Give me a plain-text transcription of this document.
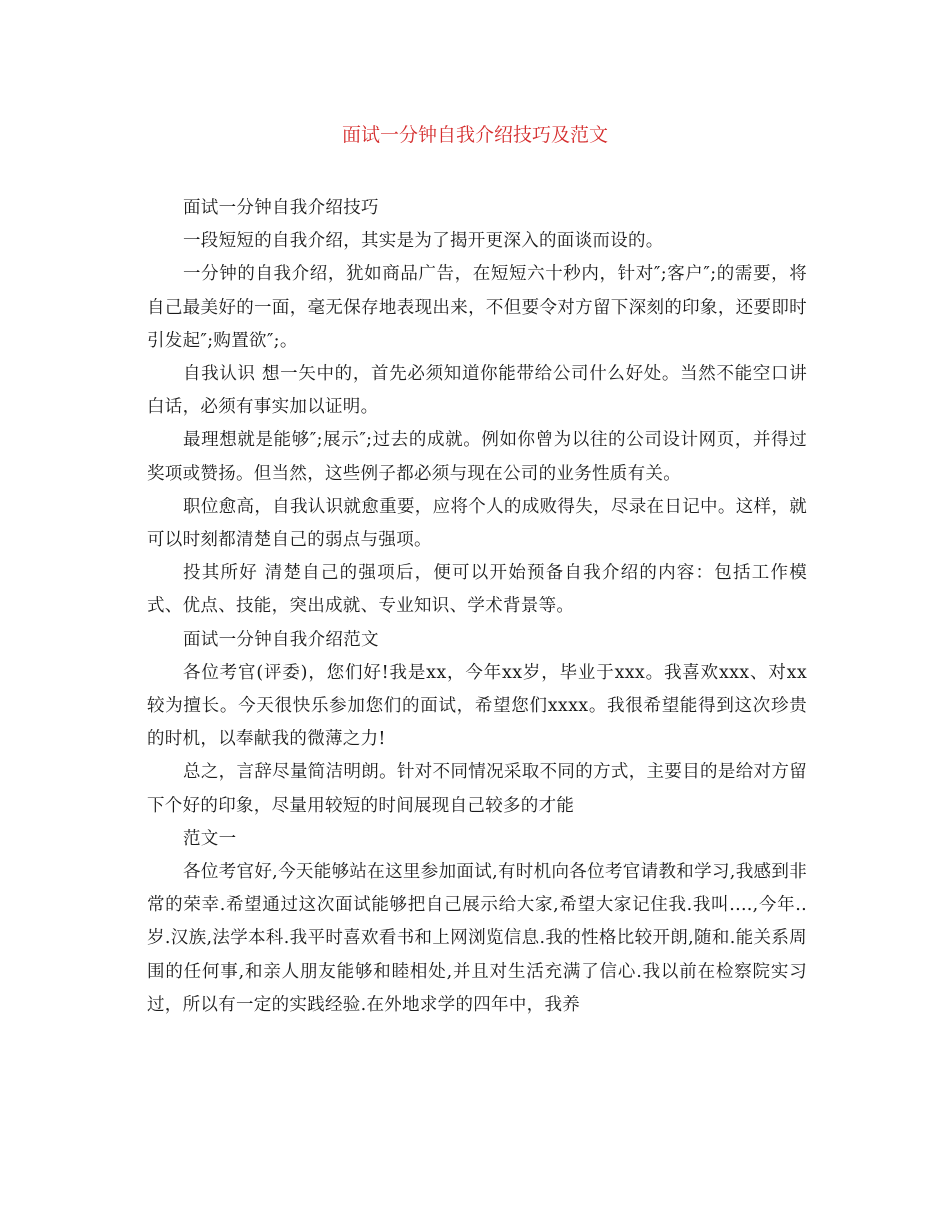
面试一分钟自我介绍技巧及范文

面试一分钟自我介绍技巧

一段短短的自我介绍，其实是为了揭开更深入的面谈而设的。

一分钟的自我介绍，犹如商品广告，在短短六十秒内，针对″;客户″;的需要，将自己最美好的一面，毫无保存地表现出来，不但要令对方留下深刻的印象，还要即时引发起″;购置欲″;。

自我认识 想一矢中的，首先必须知道你能带给公司什么好处。当然不能空口讲白话，必须有事实加以证明。

最理想就是能够″;展示″;过去的成就。例如你曾为以往的公司设计网页，并得过奖项或赞扬。但当然，这些例子都必须与现在公司的业务性质有关。

职位愈高，自我认识就愈重要，应将个人的成败得失，尽录在日记中。这样，就可以时刻都清楚自己的弱点与强项。

投其所好 清楚自己的强项后，便可以开始预备自我介绍的内容：包括工作模式、优点、技能，突出成就、专业知识、学术背景等。

面试一分钟自我介绍范文

各位考官(评委)，您们好!我是xx，今年xx岁，毕业于xxx。我喜欢xxx、对xx较为擅长。今天很快乐参加您们的面试，希望您们xxxx。我很希望能得到这次珍贵的时机，以奉献我的微薄之力!

总之，言辞尽量简洁明朗。针对不同情况采取不同的方式，主要目的是给对方留下个好的印象，尽量用较短的时间展现自己较多的才能

范文一

各位考官好,今天能够站在这里参加面试,有时机向各位考官请教和学习,我感到非常的荣幸.希望通过这次面试能够把自己展示给大家,希望大家记住我.我叫....,今年..岁.汉族,法学本科.我平时喜欢看书和上网浏览信息.我的性格比较开朗,随和.能关系周围的任何事,和亲人朋友能够和睦相处,并且对生活充满了信心.我以前在检察院实习过，所以有一定的实践经验.在外地求学的四年中，我养
